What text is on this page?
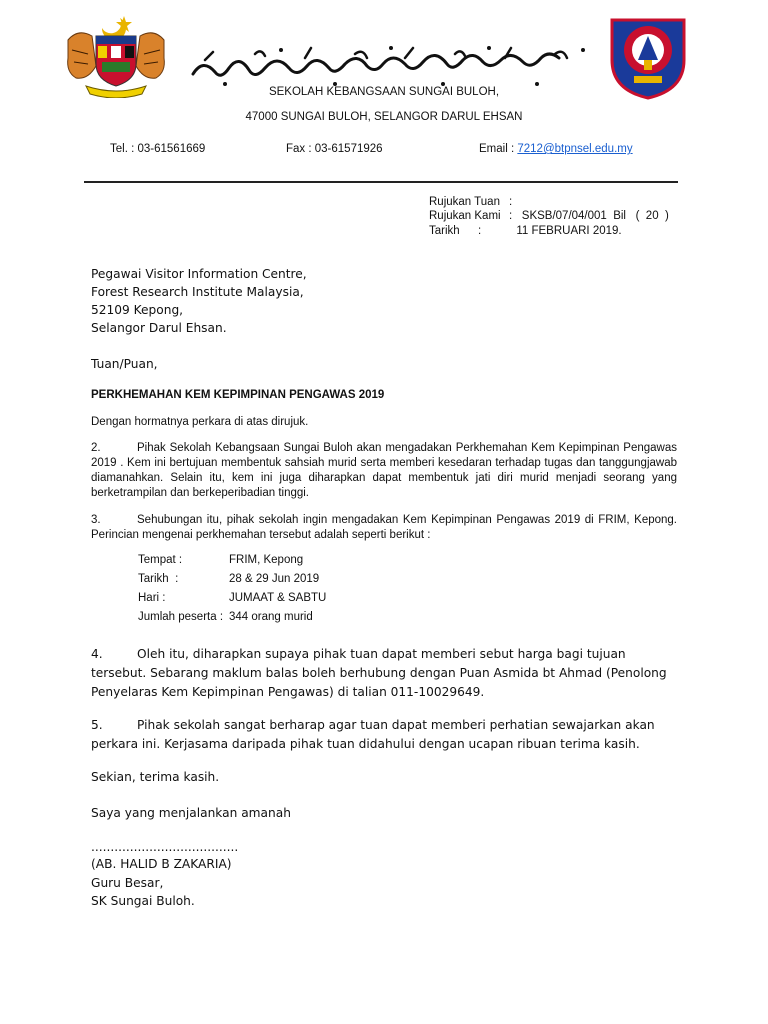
SEKOLAH KEBANGSAAN SUNGAI BULOH,
47000 SUNGAI BULOH, SELANGOR DARUL EHSAN
Tel. : 03-61561669	Fax : 03-61571926	Email : 7212@btpnsel.edu.my
Rujukan Tuan :
Rujukan Kami :   SKSB/07/04/001  Bil   (  20  )
Tarikh :           11 FEBRUARI 2019.
Pegawai Visitor Information Centre,
Forest Research Institute Malaysia,
52109 Kepong,
Selangor Darul Ehsan.
Tuan/Puan,
PERKHEMAHAN KEM KEPIMPINAN PENGAWAS 2019
Dengan hormatnya perkara di atas dirujuk.
2.	Pihak Sekolah Kebangsaan Sungai Buloh akan mengadakan Perkhemahan Kem Kepimpinan Pengawas 2019 . Kem ini bertujuan membentuk sahsiah murid serta memberi kesedaran terhadap tugas dan tanggungjawab diamanahkan. Selain itu, kem ini juga diharapkan dapat membentuk jati diri murid menjadi seorang yang berketrampilan dan berkeperibadian tinggi.
3.	Sehubungan itu, pihak sekolah ingin mengadakan Kem Kepimpinan Pengawas 2019 di FRIM, Kepong. Perincian mengenai perkhemahan tersebut adalah seperti berikut :
Tempat :	FRIM, Kepong
Tarikh  :	28 & 29 Jun 2019
Hari :	JUMAAT & SABTU
Jumlah peserta : 344 orang murid
4.	Oleh itu, diharapkan supaya pihak tuan dapat memberi sebut harga bagi tujuan tersebut. Sebarang maklum balas boleh berhubung dengan Puan Asmida bt Ahmad (Penolong Penyelaras Kem Kepimpinan Pengawas) di talian 011-10029649.
5.	Pihak sekolah sangat berharap agar tuan dapat memberi perhatian sewajarkan akan perkara ini. Kerjasama daripada pihak tuan didahului dengan ucapan ribuan terima kasih.
Sekian, terima kasih.
Saya yang menjalankan amanah
......................................
(AB. HALID B ZAKARIA)
Guru Besar,
SK Sungai Buloh.
